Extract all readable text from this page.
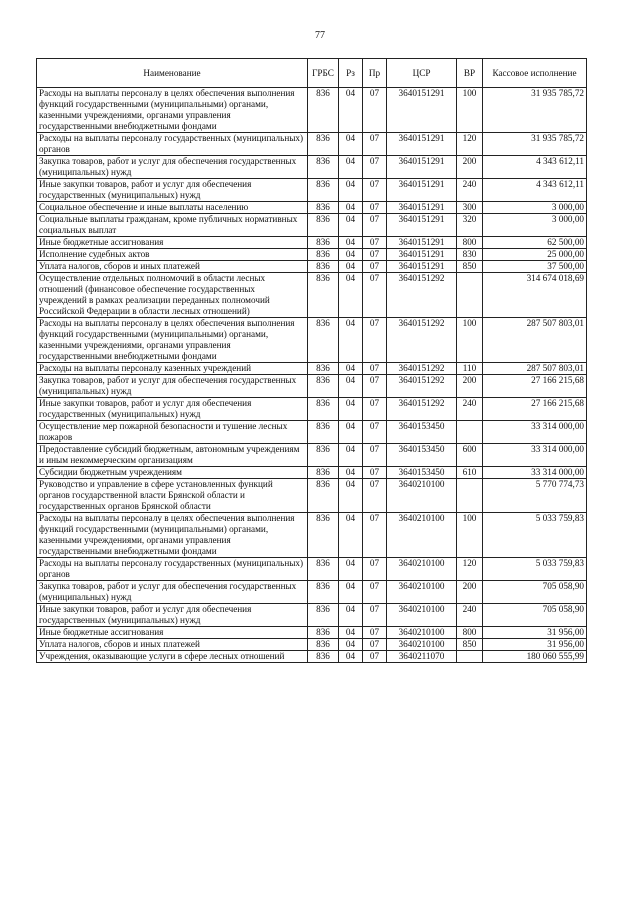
77
Наименование	ГРБС	Рз	Пр	ЦСР	ВР	Кассовое исполнение
Расходы на выплаты персоналу в целях обеспечения выполнения функций государственными (муниципальными) органами, казенными учреждениями, органами управления государственными внебюджетными фондами	836	04	07	3640151291	100	31 935 785,72
Расходы на выплаты персоналу государственных (муниципальных) органов	836	04	07	3640151291	120	31 935 785,72
Закупка товаров, работ и услуг для обеспечения государственных (муниципальных) нужд	836	04	07	3640151291	200	4 343 612,11
Иные закупки товаров, работ и услуг для обеспечения государственных (муниципальных) нужд	836	04	07	3640151291	240	4 343 612,11
Социальное обеспечение и иные выплаты населению	836	04	07	3640151291	300	3 000,00
Социальные выплаты гражданам, кроме публичных нормативных социальных выплат	836	04	07	3640151291	320	3 000,00
Иные бюджетные ассигнования	836	04	07	3640151291	800	62 500,00
Исполнение судебных актов	836	04	07	3640151291	830	25 000,00
Уплата налогов, сборов и иных платежей	836	04	07	3640151291	850	37 500,00
Осуществление отдельных полномочий в области лесных отношений (финансовое обеспечение государственных учреждений в рамках реализации переданных полномочий Российской Федерации в области лесных отношений)	836	04	07	3640151292		314 674 018,69
Расходы на выплаты персоналу в целях обеспечения выполнения функций государственными (муниципальными) органами, казенными учреждениями, органами управления государственными внебюджетными фондами	836	04	07	3640151292	100	287 507 803,01
Расходы на выплаты персоналу казенных учреждений	836	04	07	3640151292	110	287 507 803,01
Закупка товаров, работ и услуг для обеспечения государственных (муниципальных) нужд	836	04	07	3640151292	200	27 166 215,68
Иные закупки товаров, работ и услуг для обеспечения государственных (муниципальных) нужд	836	04	07	3640151292	240	27 166 215,68
Осуществление мер пожарной безопасности и тушение лесных пожаров	836	04	07	3640153450		33 314 000,00
Предоставление субсидий бюджетным, автономным учреждениям и иным некоммерческим организациям	836	04	07	3640153450	600	33 314 000,00
Субсидии бюджетным учреждениям	836	04	07	3640153450	610	33 314 000,00
Руководство и управление в сфере установленных функций органов государственной власти Брянской области и государственных органов Брянской области	836	04	07	3640210100		5 770 774,73
Расходы на выплаты персоналу в целях обеспечения выполнения функций государственными (муниципальными) органами, казенными учреждениями, органами управления государственными внебюджетными фондами	836	04	07	3640210100	100	5 033 759,83
Расходы на выплаты персоналу государственных (муниципальных) органов	836	04	07	3640210100	120	5 033 759,83
Закупка товаров, работ и услуг для обеспечения государственных (муниципальных) нужд	836	04	07	3640210100	200	705 058,90
Иные закупки товаров, работ и услуг для обеспечения государственных (муниципальных) нужд	836	04	07	3640210100	240	705 058,90
Иные бюджетные ассигнования	836	04	07	3640210100	800	31 956,00
Уплата налогов, сборов и иных платежей	836	04	07	3640210100	850	31 956,00
Учреждения, оказывающие услуги в сфере лесных отношений	836	04	07	3640211070		180 060 555,99
